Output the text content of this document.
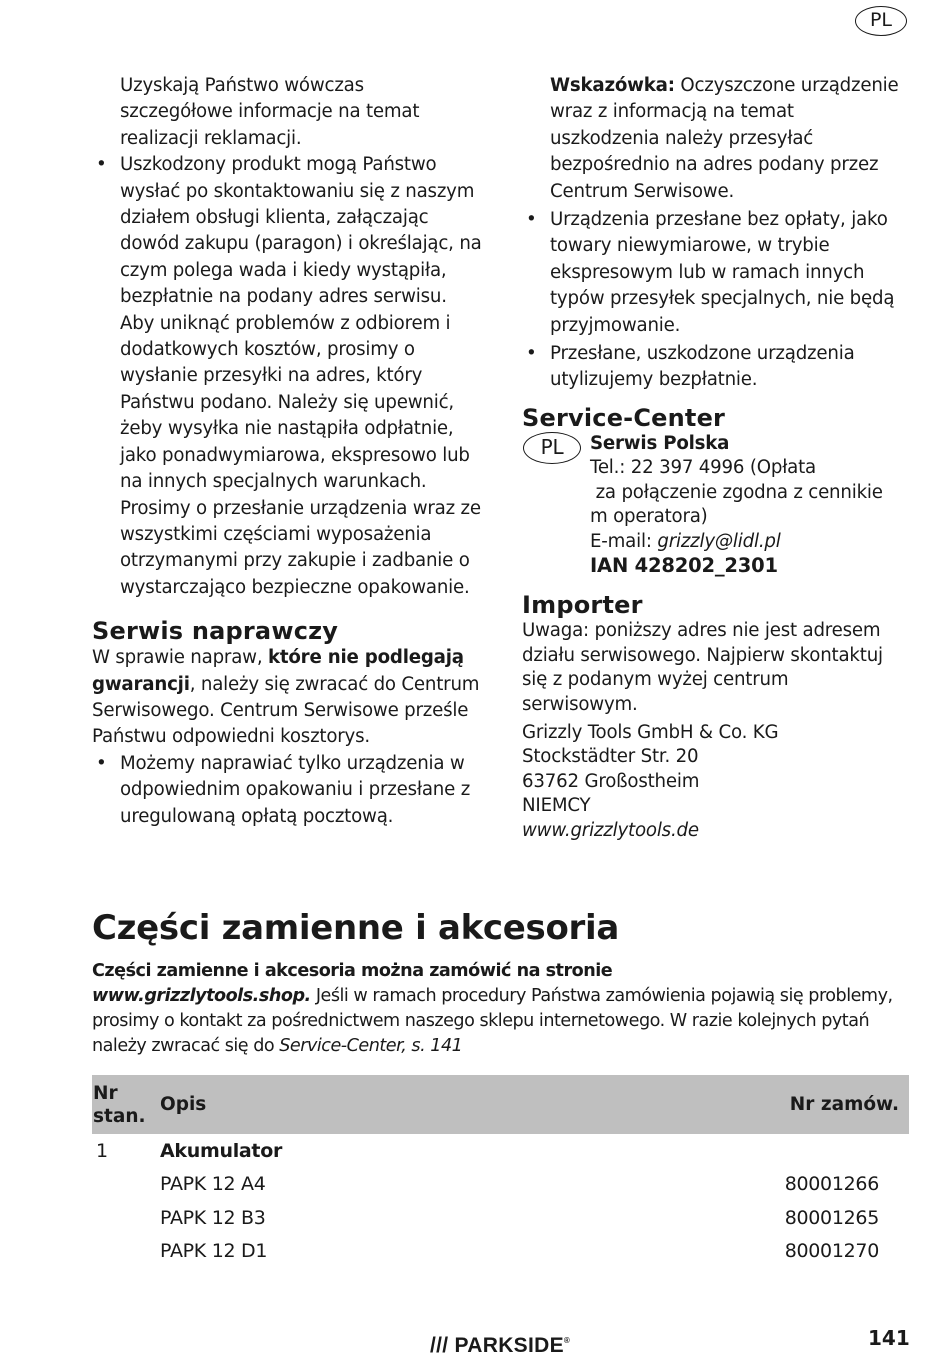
PL

Uzyskają Państwo wówczas szczegółowe informacje na temat realizacji reklamacji.

• Uszkodzony produkt mogą Państwo wysłać po skontaktowaniu się z naszym działem obsługi klienta, załączając dowód zakupu (paragon) i określając, na czym polega wada i kiedy wystąpiła, bezpłatnie na podany adres serwisu. Aby uniknąć problemów z odbiorem i dodatkowych kosztów, prosimy o wysłanie przesyłki na adres, który Państwu podano. Należy się upewnić, żeby wysyłka nie nastąpiła odpłatnie, jako ponadwymiarowa, ekspresowo lub na innych specjalnych warunkach. Prosimy o przesłanie urządzenia wraz ze wszystkimi częściami wyposażenia otrzymanymi przy zakupie i zadbanie o wystarczająco bezpieczne opakowanie.
Serwis naprawczy

W sprawie napraw, które nie podlegają gwarancji, należy się zwracać do Centrum Serwisowego. Centrum Serwisowe prześle Państwu odpowiedni kosztorys.

• Możemy naprawiać tylko urządzenia w odpowiednim opakowaniu i przesłane z uregulowaną opłatą pocztową.

Wskazówka: Oczyszczone urządzenie wraz z informacją na temat uszkodzenia należy przesyłać bezpośrednio na adres podany przez Centrum Serwisowe.

• Urządzenia przesłane bez opłaty, jako towary niewymiarowe, w trybie ekspresowym lub w ramach innych typów przesyłek specjalnych, nie będą przyjmowanie.
• Przesłane, uszkodzone urządzenia utylizujemy bezpłatnie.
Service-Center
PL	Serwis Polska
Tel.: 22 397 4996 (Opłata
za połączenie zgodna z cennikie
m operatora)
E-mail: grizzly@lidl.pl
IAN 428202_2301
Importer

Uwaga: poniższy adres nie jest adresem działu serwisowego. Najpierw skontaktuj się z podanym wyżej centrum serwisowym.

Grizzly Tools GmbH & Co. KG
Stockstädter Str. 20
63762 Großostheim
NIEMCY
www.grizzlytools.de
Części zamienne i akcesoria
Części zamienne i akcesoria można zamówić na stronie
www.grizzlytools.shop. Jeśli w ramach procedury Państwa zamówienia pojawią się problemy, prosimy o kontakt za pośrednictwem naszego sklepu internetowego. W razie kolejnych pytań należy zwracać się do Service-Center, s. 141
Nr
stan.	Opis	Nr zamów.
1	Akumulator	
	PAPK 12 A4	80001266
	PAPK 12 B3	80001265
	PAPK 12 D1	80001270
/// PARKSIDE®	141
